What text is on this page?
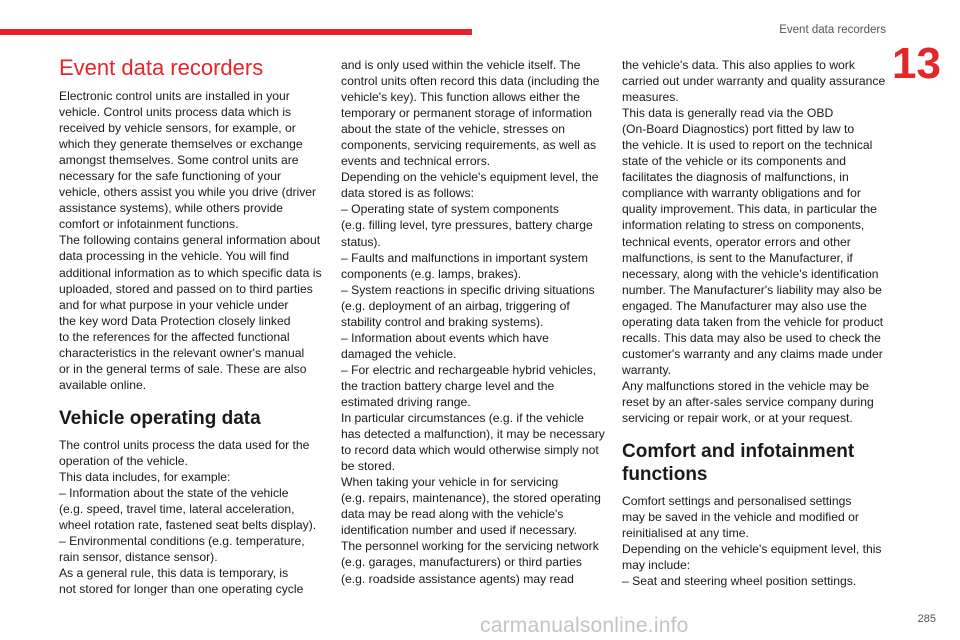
Event data recorders
13
Event data recorders
Electronic control units are installed in your
vehicle. Control units process data which is
received by vehicle sensors, for example, or
which they generate themselves or exchange
amongst themselves. Some control units are
necessary for the safe functioning of your
vehicle, others assist you while you drive (driver
assistance systems), while others provide
comfort or infotainment functions.
The following contains general information about
data processing in the vehicle. You will find
additional information as to which specific data is
uploaded, stored and passed on to third parties
and for what purpose in your vehicle under
the key word Data Protection closely linked
to the references for the affected functional
characteristics in the relevant owner's manual
or in the general terms of sale. These are also
available online.
Vehicle operating data
The control units process the data used for the
operation of the vehicle.
This data includes, for example:
– Information about the state of the vehicle
(e.g. speed, travel time, lateral acceleration,
wheel rotation rate, fastened seat belts display).
– Environmental conditions (e.g. temperature,
rain sensor, distance sensor).
As a general rule, this data is temporary, is
not stored for longer than one operating cycle
and is only used within the vehicle itself. The
control units often record this data (including the
vehicle's key). This function allows either the
temporary or permanent storage of information
about the state of the vehicle, stresses on
components, servicing requirements, as well as
events and technical errors.
Depending on the vehicle's equipment level, the
data stored is as follows:
– Operating state of system components
(e.g. filling level, tyre pressures, battery charge
status).
– Faults and malfunctions in important system
components (e.g. lamps, brakes).
– System reactions in specific driving situations
(e.g. deployment of an airbag, triggering of
stability control and braking systems).
– Information about events which have
damaged the vehicle.
– For electric and rechargeable hybrid vehicles,
the traction battery charge level and the
estimated driving range.
In particular circumstances (e.g. if the vehicle
has detected a malfunction), it may be necessary
to record data which would otherwise simply not
be stored.
When taking your vehicle in for servicing
(e.g. repairs, maintenance), the stored operating
data may be read along with the vehicle's
identification number and used if necessary.
The personnel working for the servicing network
(e.g. garages, manufacturers) or third parties
(e.g. roadside assistance agents) may read
the vehicle's data. This also applies to work
carried out under warranty and quality assurance
measures.
This data is generally read via the OBD
(On-Board Diagnostics) port fitted by law to
the vehicle. It is used to report on the technical
state of the vehicle or its components and
facilitates the diagnosis of malfunctions, in
compliance with warranty obligations and for
quality improvement. This data, in particular the
information relating to stress on components,
technical events, operator errors and other
malfunctions, is sent to the Manufacturer, if
necessary, along with the vehicle's identification
number. The Manufacturer's liability may also be
engaged. The Manufacturer may also use the
operating data taken from the vehicle for product
recalls. This data may also be used to check the
customer's warranty and any claims made under
warranty.
Any malfunctions stored in the vehicle may be
reset by an after-sales service company during
servicing or repair work, or at your request.
Comfort and infotainment
functions
Comfort settings and personalised settings
may be saved in the vehicle and modified or
reinitialised at any time.
Depending on the vehicle's equipment level, this
may include:
– Seat and steering wheel position settings.
carmanualsonline.info	285
